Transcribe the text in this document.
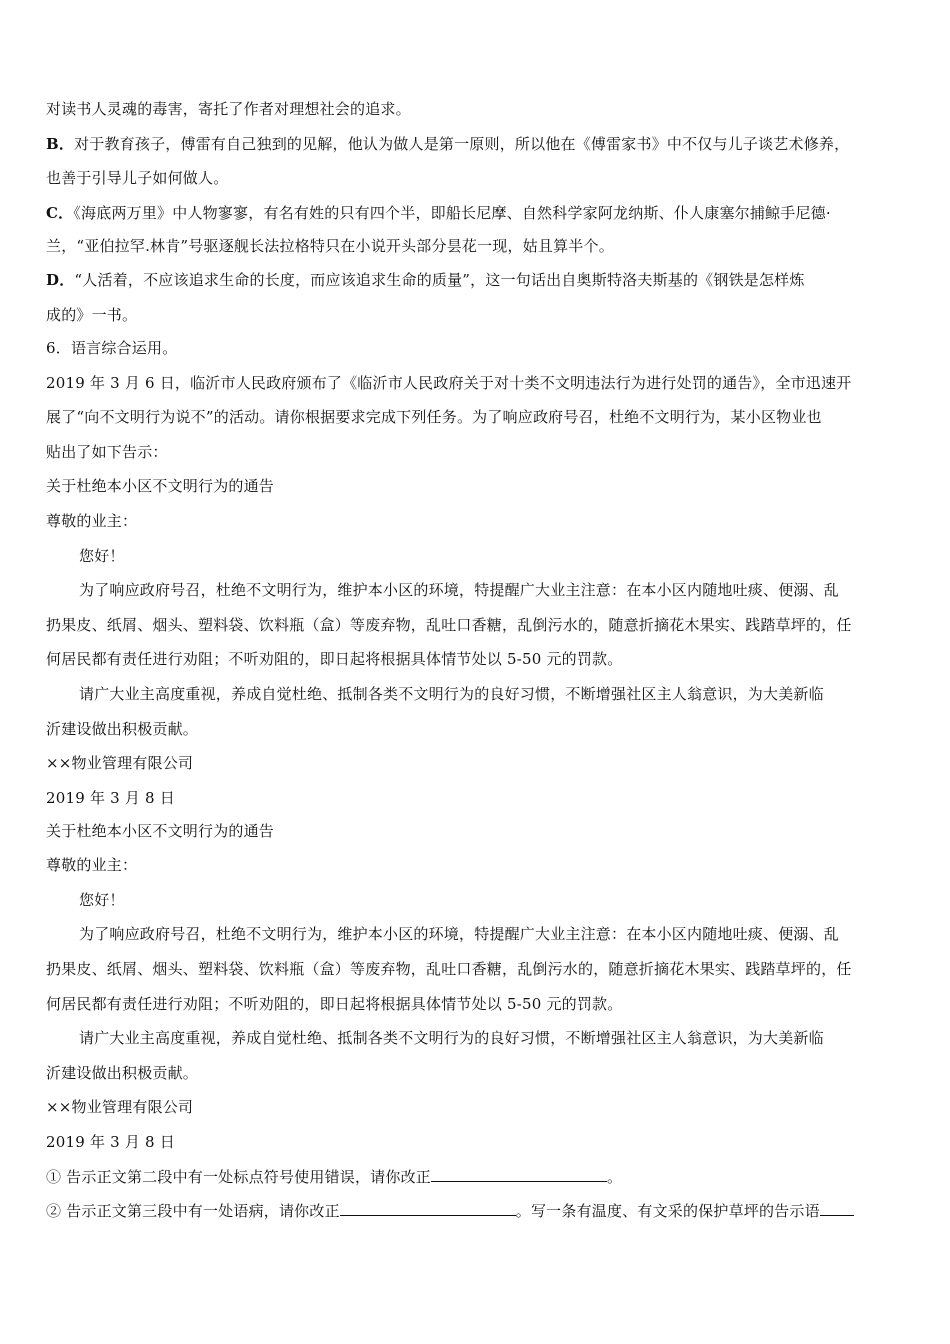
对读书人灵魂的毒害，寄托了作者对理想社会的追求。
B．对于教育孩子，傅雷有自己独到的见解，他认为做人是第一原则，所以他在《傅雷家书》中不仅与儿子谈艺术修养，
也善于引导儿子如何做人。
C．《海底两万里》中人物寥寥，有名有姓的只有四个半，即船长尼摩、自然科学家阿龙纳斯、仆人康塞尔捕鲸手尼德·
兰，“亚伯拉罕.林肯”号驱逐舰长法拉格特只在小说开头部分昙花一现，姑且算半个。
D．“人活着，不应该追求生命的长度，而应该追求生命的质量”，这一句话出自奥斯特洛夫斯基的《钢铁是怎样炼
成的》一书。
6．语言综合运用。
2019 年 3 月 6 日，临沂市人民政府颁布了《临沂市人民政府关于对十类不文明违法行为进行处罚的通告》，全市迅速开
展了“向不文明行为说不”的活动。请你根据要求完成下列任务。为了响应政府号召，杜绝不文明行为，某小区物业也
贴出了如下告示：
关于杜绝本小区不文明行为的通告
尊敬的业主：
您好！
为了响应政府号召，杜绝不文明行为，维护本小区的环境，特提醒广大业主注意：在本小区内随地吐痰、便溺、乱
扔果皮、纸屑、烟头、塑料袋、饮料瓶（盒）等废弃物，乱吐口香糖，乱倒污水的，随意折摘花木果实、践踏草坪的，任
何居民都有责任进行劝阻；不听劝阻的，即日起将根据具体情节处以 5-50 元的罚款。
请广大业主高度重视，养成自觉杜绝、抵制各类不文明行为的良好习惯，不断增强社区主人翁意识，为大美新临
沂建设做出积极贡献。
××物业管理有限公司
2019 年 3 月 8 日
关于杜绝本小区不文明行为的通告
尊敬的业主：
您好！
为了响应政府号召，杜绝不文明行为，维护本小区的环境，特提醒广大业主注意：在本小区内随地吐痰、便溺、乱
扔果皮、纸屑、烟头、塑料袋、饮料瓶（盒）等废弃物，乱吐口香糖，乱倒污水的，随意折摘花木果实、践踏草坪的，任
何居民都有责任进行劝阻；不听劝阻的，即日起将根据具体情节处以 5-50 元的罚款。
请广大业主高度重视，养成自觉杜绝、抵制各类不文明行为的良好习惯，不断增强社区主人翁意识，为大美新临
沂建设做出积极贡献。
××物业管理有限公司
2019 年 3 月 8 日
① 告示正文第二段中有一处标点符号使用错误，请你改正	。
② 告示正文第三段中有一处语病，请你改正	。写一条有温度、有文采的保护草坪的告示语
